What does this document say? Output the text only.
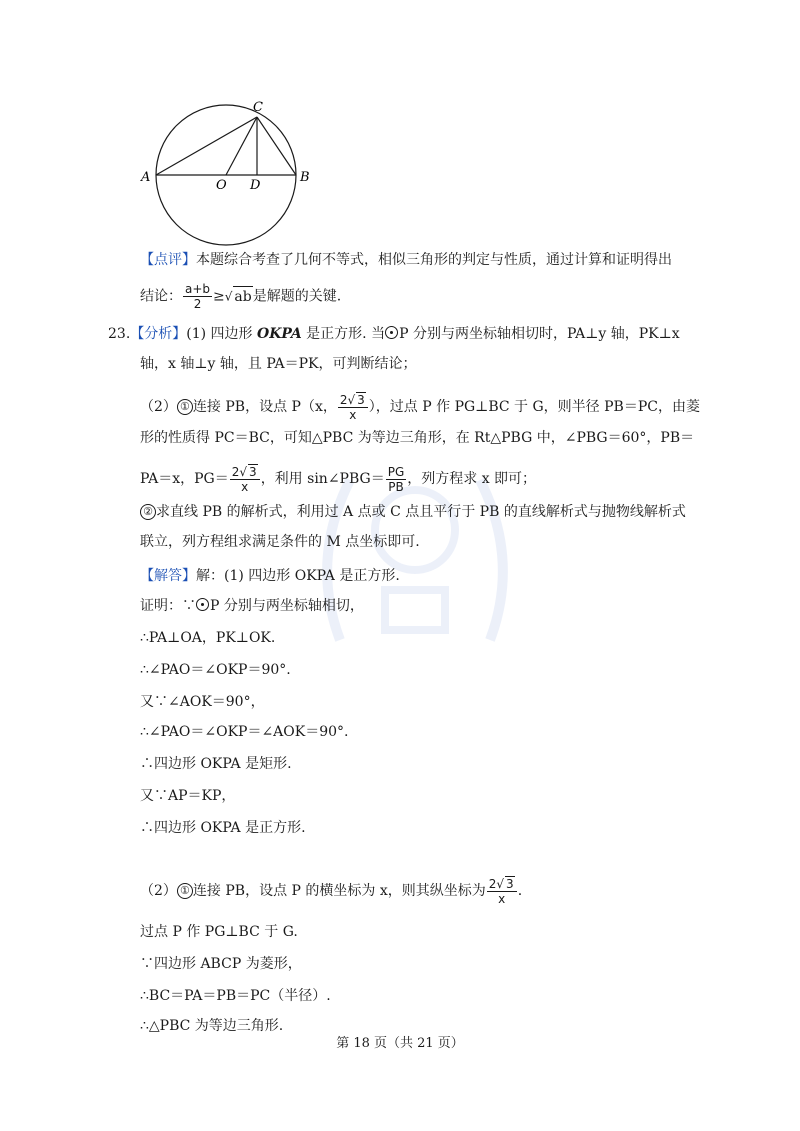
A
O D
B
C
【点评】本题综合考查了几何不等式，相似三角形的判定与性质，通过计算和证明得出
结论： $\frac{a+b}{2}$ ≥√ ab是解题的关键.
23.【分析】(1) 四边形 OKPA 是正方形. 当 P 分别与两坐标轴相切时，PA⊥y 轴，PK⊥x
轴，x 轴⊥y 轴，且 PA＝PK，可判断结论；
（2） ① 连接 PB，设点 P（x， $\frac{2√ 3}{x}$ ），过点 P 作 PG⊥BC 于 G，则半径 PB＝PC，由菱
形的性质得 PC＝BC，可知△PBC 为等边三角形，在 Rt△PBG 中，∠PBG＝60°，PB＝
PA＝x，$PG= \frac{2√ 3}{x}$ ，利用 sin∠PBG＝ $\frac{PG}{PB}$ ，列方程求 x 即可；
② 求直线 PB 的解析式，利用过 A 点或 C 点且平行于 PB 的直线解析式与抛物线解析式
联立，列方程组求满足条件的 M 点坐标即可.
【解答】解：(1) 四边形 OKPA 是正方形.
证明：∵ P 分别与两坐标轴相切，
∴PA⊥OA，PK⊥OK.
∴∠PAO＝∠OKP＝90°.
又∵∠AOK＝90°，
∴∠PAO＝∠OKP＝∠AOK＝90°.
∴四边形 OKPA 是矩形.
又∵AP＝KP，
∴四边形 OKPA 是正方形.
（2） ① 连接 PB，设点 P 的横坐标为 x，则其纵坐标为 $\frac{2√ 3}{x}$ .
过点 P 作 PG⊥BC 于 G.
∵四边形 ABCP 为菱形，
∴BC＝PA＝PB＝PC（半径）.
∴△PBC 为等边三角形.
第 18 页（共 21 页）
